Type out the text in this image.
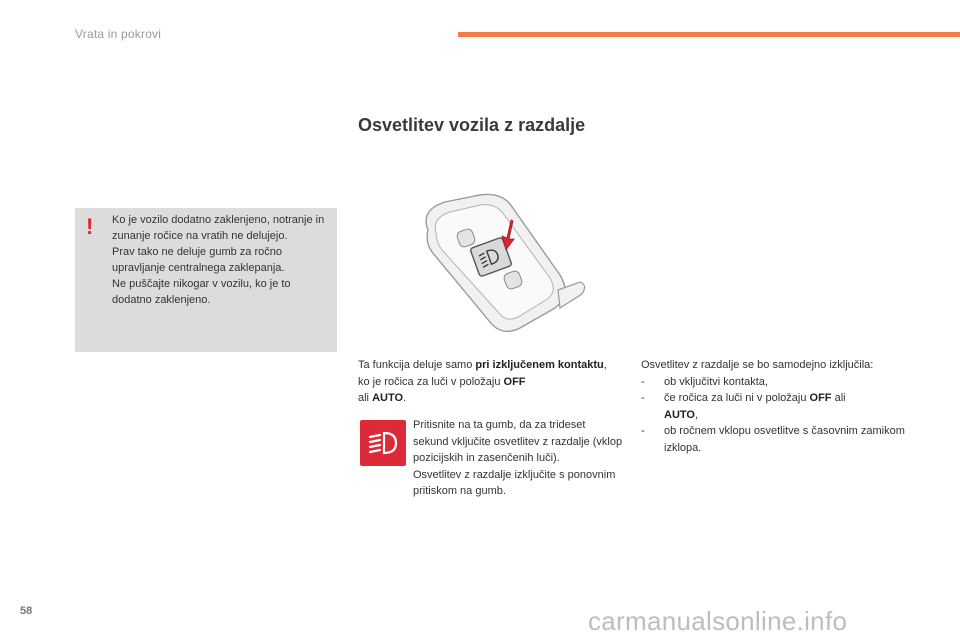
Vrata in pokrovi
Osvetlitev vozila z razdalje
! Ko je vozilo dodatno zaklenjeno, notranje in zunanje ročice na vratih ne delujejo.

Prav tako ne deluje gumb za ročno upravljanje centralnega zaklepanja.

Ne puščajte nikogar v vozilu, ko je to dodatno zaklenjeno.

Ta funkcija deluje samo pri izključenem kontaktu, ko je ročica za luči v položaju OFF
ali AUTO.

Pritisnite na ta gumb, da za trideset sekund vključite osvetlitev z razdalje (vklop pozicijskih in zasenčenih luči).

Osvetlitev z razdalje izključite s ponovnim pritiskom na gumb.

Osvetlitev z razdalje se bo samodejno izključila:

- ob vključitvi kontakta,
- če ročica za luči ni v položaju OFF ali
AUTO,
- ob ročnem vklopu osvetlitve s časovnim zamikom izklopa.
58	carmanualsonline.info
